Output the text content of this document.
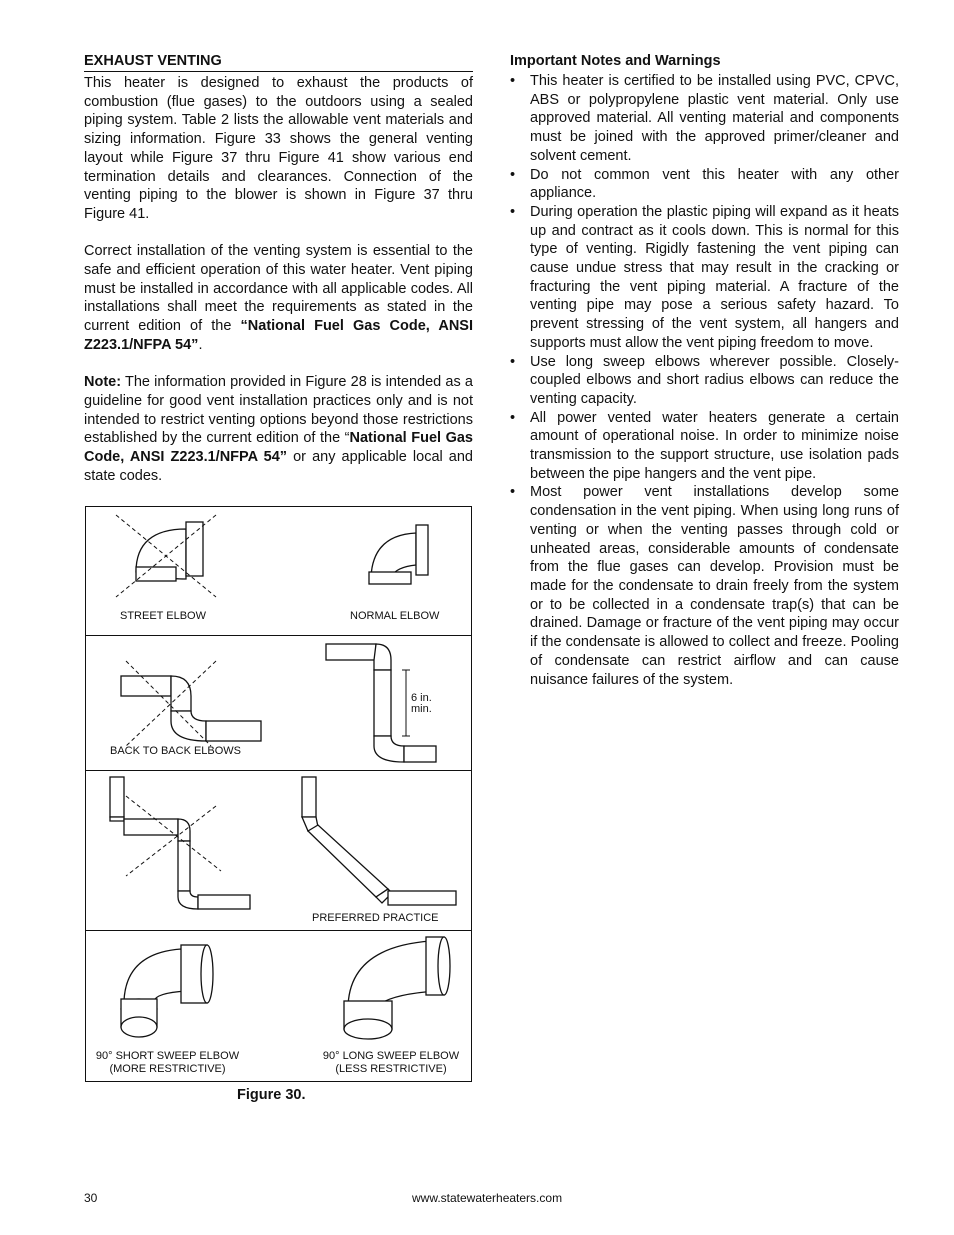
EXHAUST VENTING

This heater is designed to exhaust the products of combustion (flue gases) to the outdoors using a sealed piping system. Table 2 lists the allowable vent materials and sizing information. Figure 33 shows the general venting layout while Figure 37 thru Figure 41 show various end termination details and clearances. Connection of the venting piping to the blower is shown in Figure 37 thru Figure 41.

Correct installation of the venting system is essential to the safe and efficient operation of this water heater. Vent piping must be installed in accordance with all applicable codes. All installations shall meet the requirements as stated in the current edition of the “National Fuel Gas Code, ANSI Z223.1/NFPA 54”.

Note: The information provided in Figure 28 is intended as a guideline for good vent installation practices only and is not intended to restrict venting options beyond those restrictions established by the current edition of the “National Fuel Gas Code, ANSI Z223.1/NFPA 54” or any applicable local and state codes.

Important Notes and Warnings
• This heater is certified to be installed using PVC, CPVC, ABS or polypropylene plastic vent material. Only use approved material. All venting material and components must be joined with the approved primer/cleaner and solvent cement.
• Do not common vent this heater with any other appliance.
• During operation the plastic piping will expand as it heats up and contract as it cools down. This is normal for this type of venting. Rigidly fastening the vent piping can cause undue stress that may result in the cracking or fracturing the vent piping material. A fracture of the venting pipe may pose a serious safety hazard. To prevent stressing of the vent system, all hangers and supports must allow the vent piping freedom to move.
• Use long sweep elbows wherever possible. Closely-coupled elbows and short radius elbows can reduce the venting capacity.
• All power vented water heaters generate a certain amount of operational noise. In order to minimize noise transmission to the support structure, use isolation pads between the pipe hangers and the vent pipe.
• Most power vent installations develop some condensation in the vent piping. When using long runs of venting or when the venting passes through cold or unheated areas, considerable amounts of condensate from the flue gases can develop. Provision must be made for the condensate to drain freely from the system or to be collected in a condensate trap(s) that can be drained. Damage or fracture of the vent piping may occur if the condensate is allowed to collect and freeze. Pooling of condensate can restrict airflow and can cause nuisance failures of the system.
STREET ELBOW	NORMAL ELBOW
6 in.
min.
BACK TO BACK ELBOWS
PREFERRED PRACTICE
90° SHORT SWEEP ELBOW
(MORE RESTRICTIVE)
90° LONG SWEEP ELBOW
(LESS RESTRICTIVE)
Figure 30.
30	www.statewaterheaters.com
